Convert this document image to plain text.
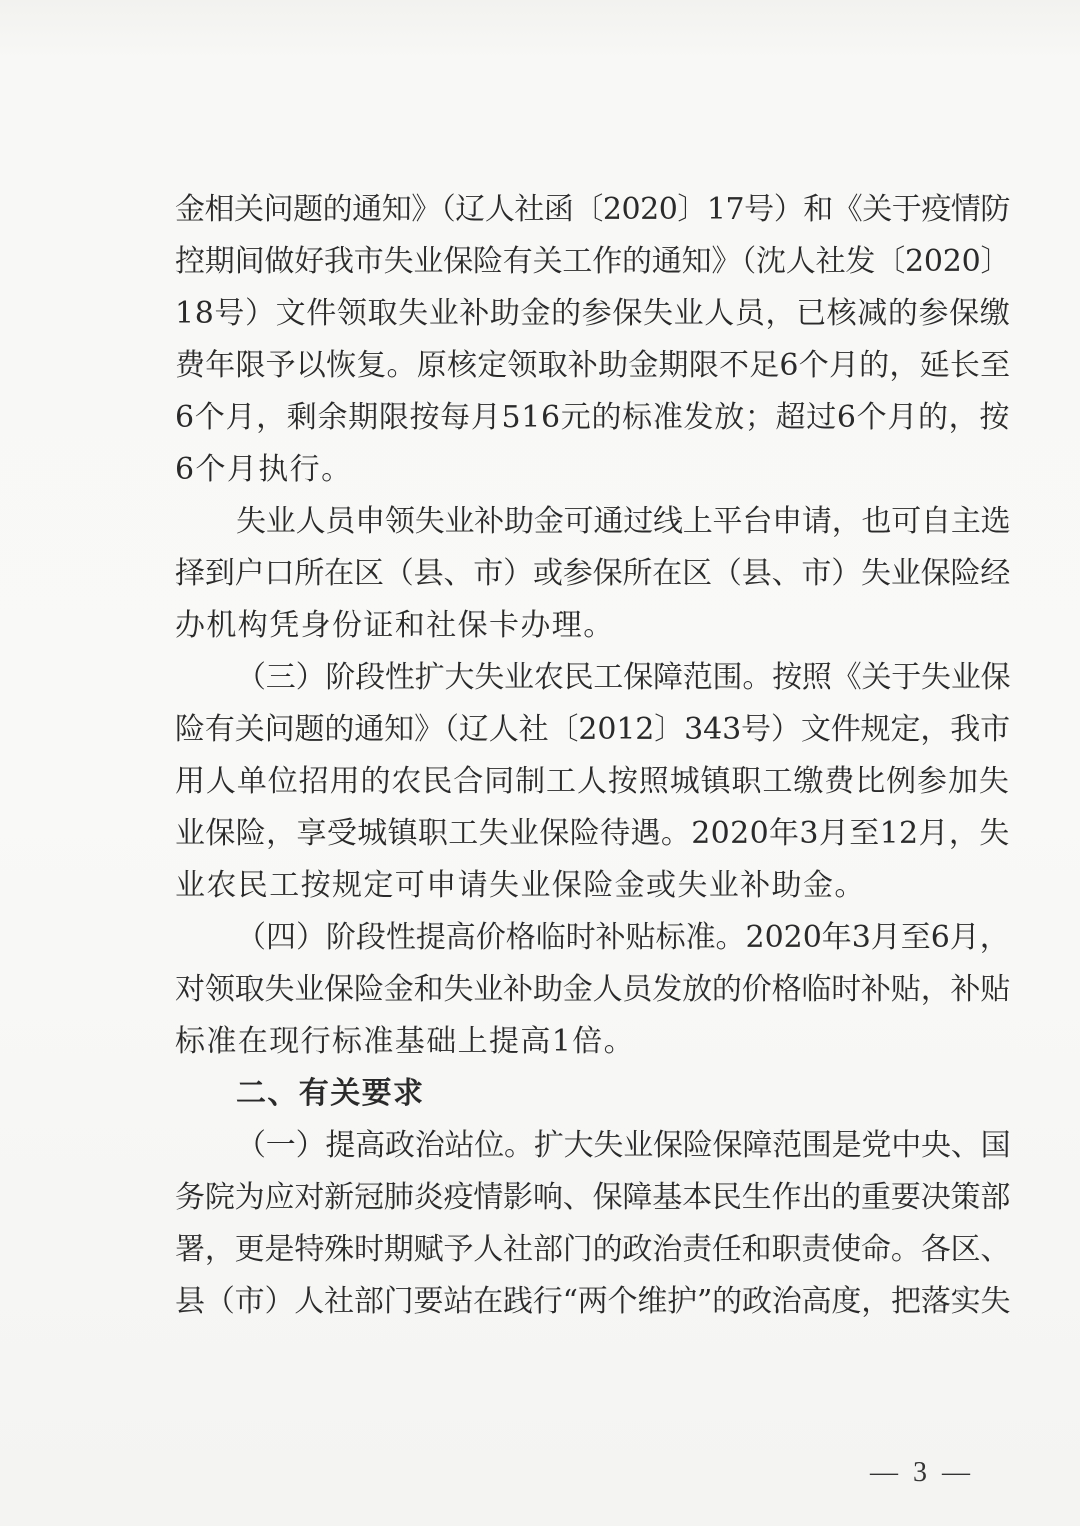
金相关问题的通知》（辽人社函〔2020〕17号）和《关于疫情防
控期间做好我市失业保险有关工作的通知》（沈人社发〔2020〕
18号）文件领取失业补助金的参保失业人员，已核减的参保缴
费年限予以恢复。原核定领取补助金期限不足6个月的，延长至
6个月，剩余期限按每月516元的标准发放；超过6个月的，按
6个月执行。
失业人员申领失业补助金可通过线上平台申请，也可自主选
择到户口所在区（县、市）或参保所在区（县、市）失业保险经
办机构凭身份证和社保卡办理。
（三）阶段性扩大失业农民工保障范围。按照《关于失业保
险有关问题的通知》（辽人社〔2012〕343号）文件规定，我市
用人单位招用的农民合同制工人按照城镇职工缴费比例参加失
业保险，享受城镇职工失业保险待遇。2020年3月至12月，失
业农民工按规定可申请失业保险金或失业补助金。
（四）阶段性提高价格临时补贴标准。2020年3月至6月，
对领取失业保险金和失业补助金人员发放的价格临时补贴，补贴
标准在现行标准基础上提高1倍。
二、有关要求
（一）提高政治站位。扩大失业保险保障范围是党中央、国
务院为应对新冠肺炎疫情影响、保障基本民生作出的重要决策部
署，更是特殊时期赋予人社部门的政治责任和职责使命。各区、
县（市）人社部门要站在践行“两个维护”的政治高度，把落实失
— 3 —
